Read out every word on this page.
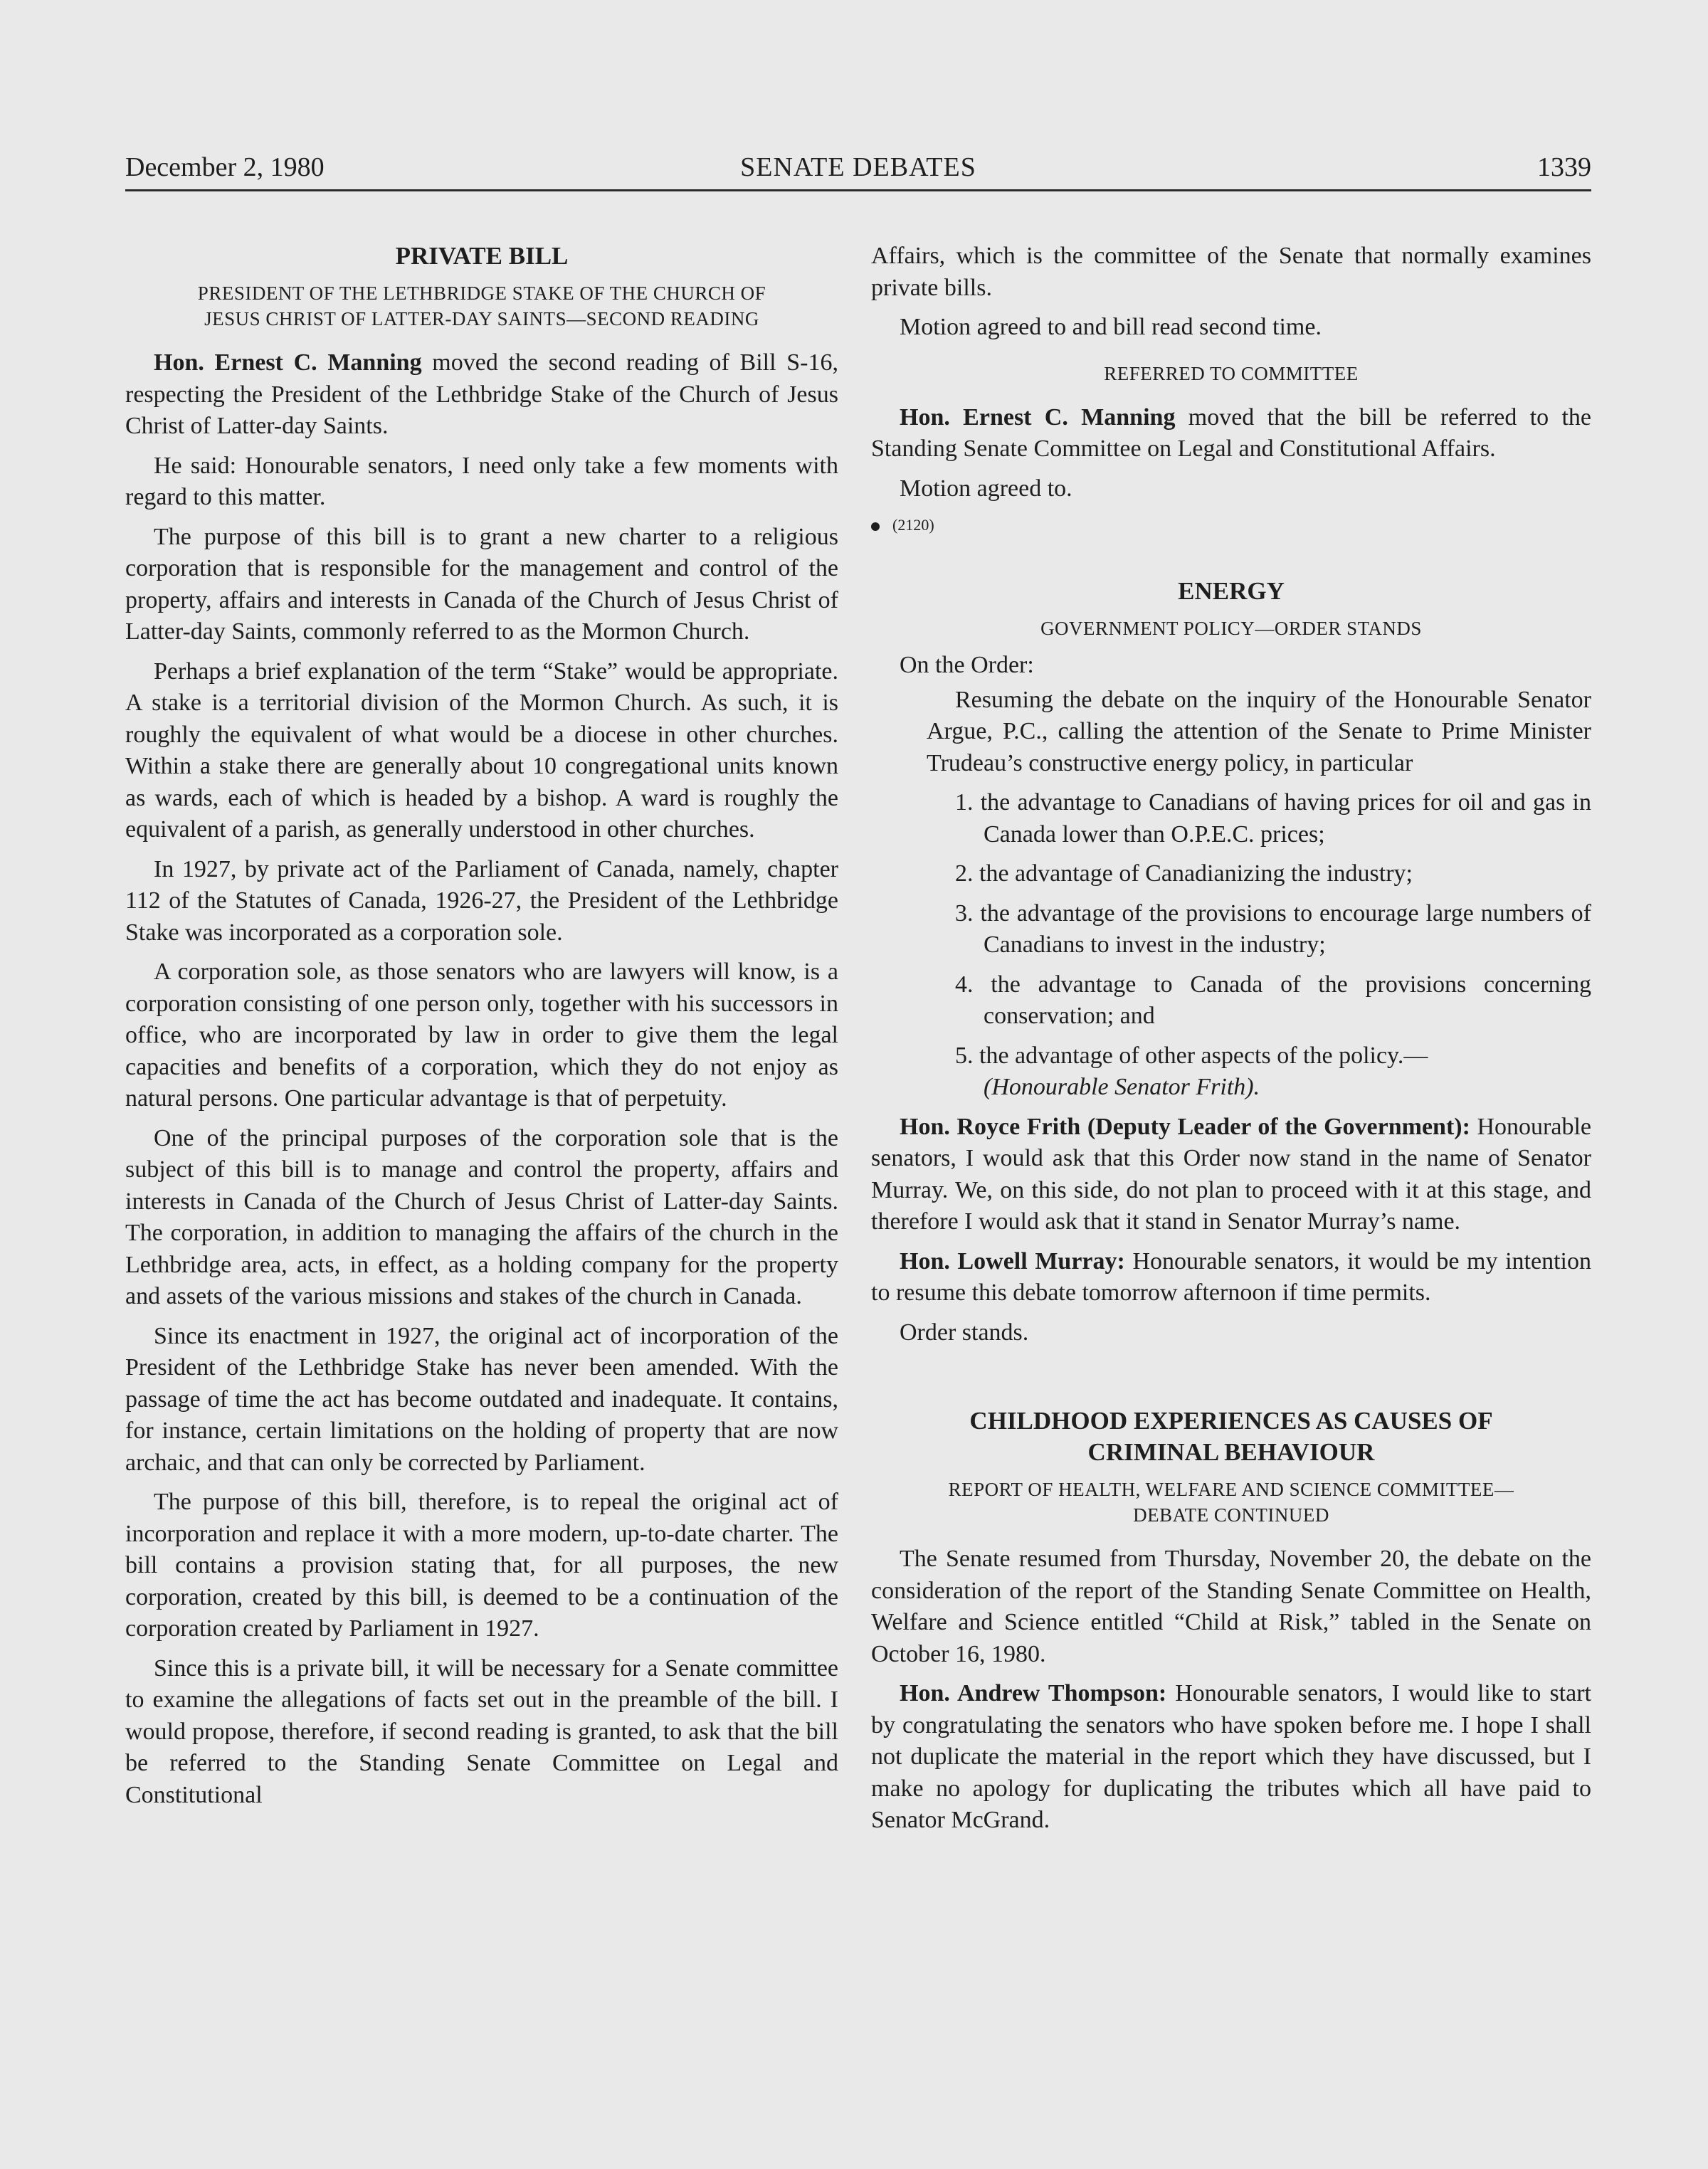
December 2, 1980	SENATE DEBATES	1339
PRIVATE BILL
PRESIDENT OF THE LETHBRIDGE STAKE OF THE CHURCH OF
JESUS CHRIST OF LATTER-DAY SAINTS—SECOND READING

Hon. Ernest C. Manning moved the second reading of Bill S-16, respecting the President of the Lethbridge Stake of the Church of Jesus Christ of Latter-day Saints.

He said: Honourable senators, I need only take a few moments with regard to this matter.

The purpose of this bill is to grant a new charter to a religious corporation that is responsible for the management and control of the property, affairs and interests in Canada of the Church of Jesus Christ of Latter-day Saints, commonly referred to as the Mormon Church.

Perhaps a brief explanation of the term “Stake” would be appropriate. A stake is a territorial division of the Mormon Church. As such, it is roughly the equivalent of what would be a diocese in other churches. Within a stake there are generally about 10 congregational units known as wards, each of which is headed by a bishop. A ward is roughly the equivalent of a parish, as generally understood in other churches.

In 1927, by private act of the Parliament of Canada, namely, chapter 112 of the Statutes of Canada, 1926-27, the President of the Lethbridge Stake was incorporated as a corporation sole.

A corporation sole, as those senators who are lawyers will know, is a corporation consisting of one person only, together with his successors in office, who are incorporated by law in order to give them the legal capacities and benefits of a corporation, which they do not enjoy as natural persons. One particular advantage is that of perpetuity.

One of the principal purposes of the corporation sole that is the subject of this bill is to manage and control the property, affairs and interests in Canada of the Church of Jesus Christ of Latter-day Saints. The corporation, in addition to managing the affairs of the church in the Lethbridge area, acts, in effect, as a holding company for the property and assets of the various missions and stakes of the church in Canada.

Since its enactment in 1927, the original act of incorporation of the President of the Lethbridge Stake has never been amended. With the passage of time the act has become outdated and inadequate. It contains, for instance, certain limitations on the holding of property that are now archaic, and that can only be corrected by Parliament.

The purpose of this bill, therefore, is to repeal the original act of incorporation and replace it with a more modern, up-to-date charter. The bill contains a provision stating that, for all purposes, the new corporation, created by this bill, is deemed to be a continuation of the corporation created by Parliament in 1927.

Since this is a private bill, it will be necessary for a Senate committee to examine the allegations of facts set out in the preamble of the bill. I would propose, therefore, if second reading is granted, to ask that the bill be referred to the Standing Senate Committee on Legal and Constitutional

Affairs, which is the committee of the Senate that normally examines private bills.

Motion agreed to and bill read second time.

REFERRED TO COMMITTEE

Hon. Ernest C. Manning moved that the bill be referred to the Standing Senate Committee on Legal and Constitutional Affairs.

Motion agreed to.

(2120)
ENERGY
GOVERNMENT POLICY—ORDER STANDS

On the Order:

Resuming the debate on the inquiry of the Honourable Senator Argue, P.C., calling the attention of the Senate to Prime Minister Trudeau’s constructive energy policy, in particular

1. the advantage to Canadians of having prices for oil and gas in Canada lower than O.P.E.C. prices;

2. the advantage of Canadianizing the industry;

3. the advantage of the provisions to encourage large numbers of Canadians to invest in the industry;

4. the advantage to Canada of the provisions concerning conservation; and

5. the advantage of other aspects of the policy.—
(Honourable Senator Frith).

Hon. Royce Frith (Deputy Leader of the Government): Honourable senators, I would ask that this Order now stand in the name of Senator Murray. We, on this side, do not plan to proceed with it at this stage, and therefore I would ask that it stand in Senator Murray’s name.

Hon. Lowell Murray: Honourable senators, it would be my intention to resume this debate tomorrow afternoon if time permits.

Order stands.

CHILDHOOD EXPERIENCES AS CAUSES OF
CRIMINAL BEHAVIOUR
REPORT OF HEALTH, WELFARE AND SCIENCE COMMITTEE—
DEBATE CONTINUED

The Senate resumed from Thursday, November 20, the debate on the consideration of the report of the Standing Senate Committee on Health, Welfare and Science entitled “Child at Risk,” tabled in the Senate on October 16, 1980.

Hon. Andrew Thompson: Honourable senators, I would like to start by congratulating the senators who have spoken before me. I hope I shall not duplicate the material in the report which they have discussed, but I make no apology for duplicating the tributes which all have paid to Senator McGrand.
